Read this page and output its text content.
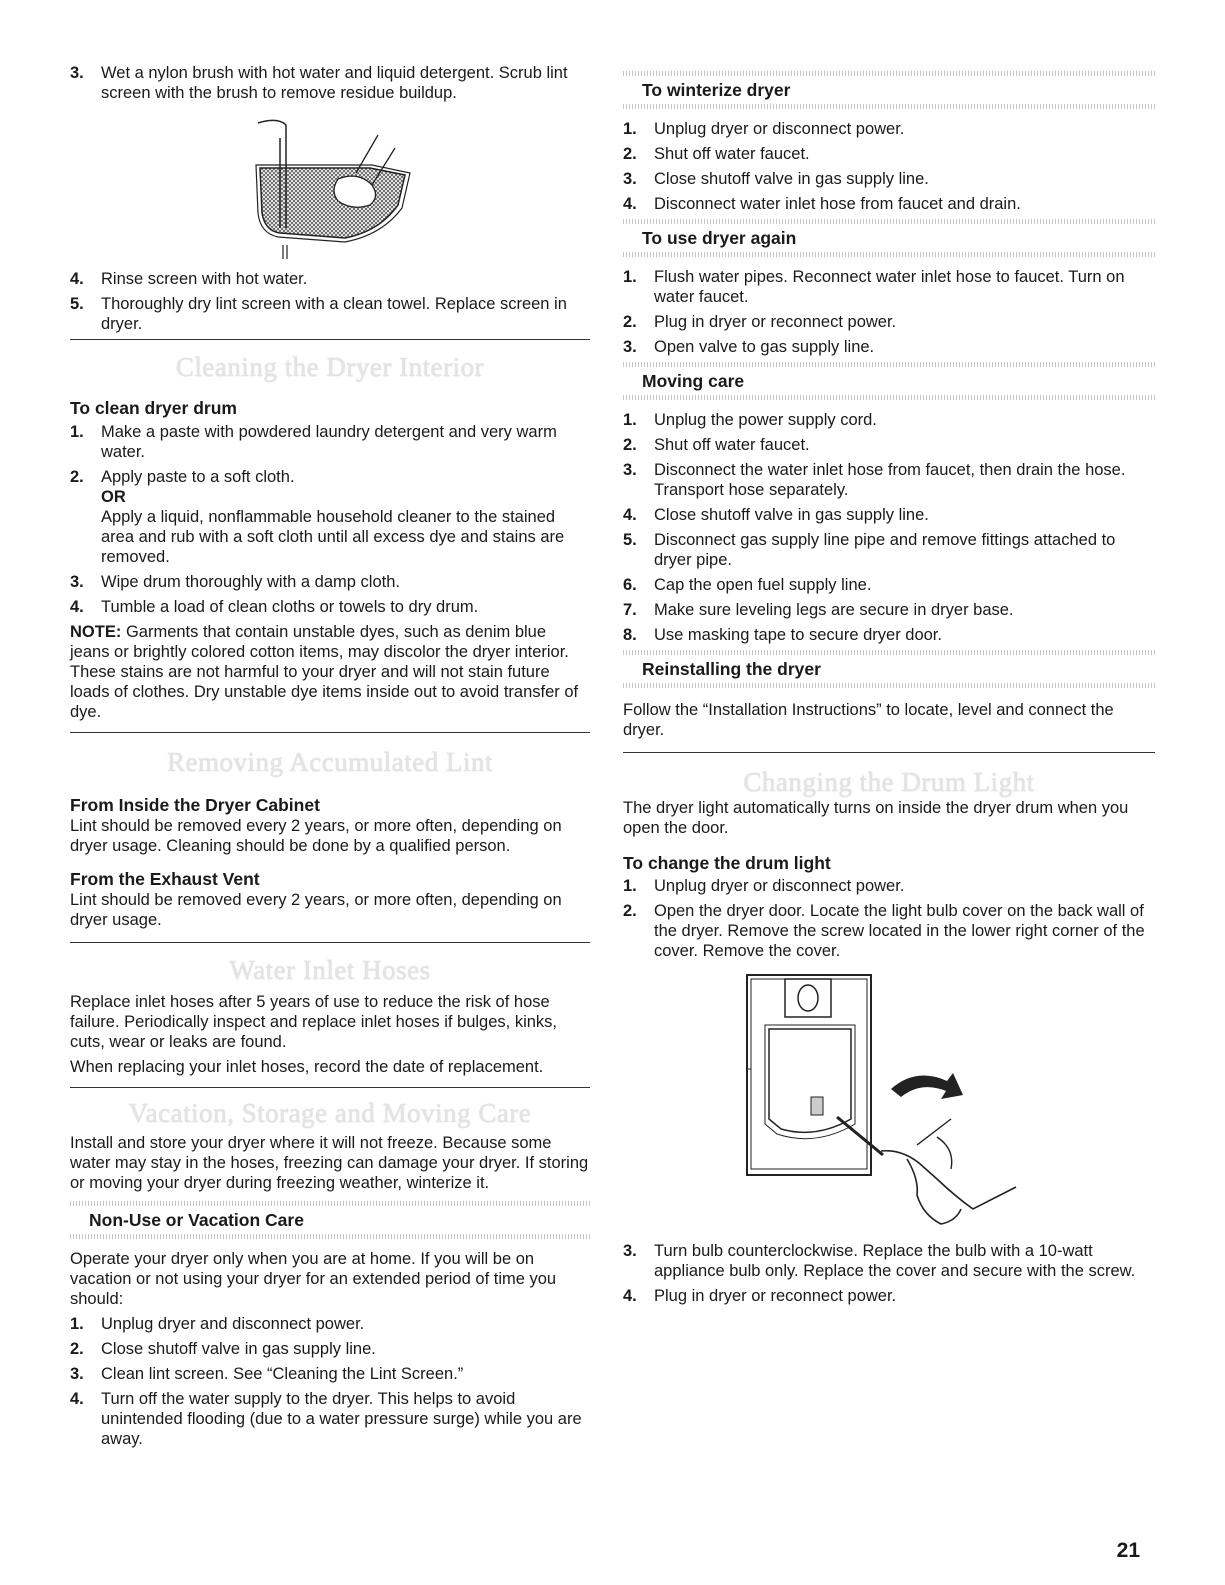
3. Wet a nylon brush with hot water and liquid detergent. Scrub lint screen with the brush to remove residue buildup.
4. Rinse screen with hot water.
5. Thoroughly dry lint screen with a clean towel. Replace screen in dryer.
Cleaning the Dryer Interior
To clean dryer drum
1. Make a paste with powdered laundry detergent and very warm water.
2. Apply paste to a soft cloth.
OR
Apply a liquid, nonflammable household cleaner to the stained area and rub with a soft cloth until all excess dye and stains are removed.
3. Wipe drum thoroughly with a damp cloth.
4. Tumble a load of clean cloths or towels to dry drum.

NOTE: Garments that contain unstable dyes, such as denim blue jeans or brightly colored cotton items, may discolor the dryer interior. These stains are not harmful to your dryer and will not stain future loads of clothes. Dry unstable dye items inside out to avoid transfer of dye.

Removing Accumulated Lint
From Inside the Dryer Cabinet

Lint should be removed every 2 years, or more often, depending on dryer usage. Cleaning should be done by a qualified person.

From the Exhaust Vent

Lint should be removed every 2 years, or more often, depending on dryer usage.

Water Inlet Hoses

Replace inlet hoses after 5 years of use to reduce the risk of hose failure. Periodically inspect and replace inlet hoses if bulges, kinks, cuts, wear or leaks are found.

When replacing your inlet hoses, record the date of replacement.

Vacation, Storage and Moving Care

Install and store your dryer where it will not freeze. Because some water may stay in the hoses, freezing can damage your dryer. If storing or moving your dryer during freezing weather, winterize it.

Non-Use or Vacation Care

Operate your dryer only when you are at home. If you will be on vacation or not using your dryer for an extended period of time you should:

1. Unplug dryer and disconnect power.
2. Close shutoff valve in gas supply line.
3. Clean lint screen. See “Cleaning the Lint Screen.”
4. Turn off the water supply to the dryer. This helps to avoid unintended flooding (due to a water pressure surge) while you are away.
To winterize dryer
1. Unplug dryer or disconnect power.
2. Shut off water faucet.
3. Close shutoff valve in gas supply line.
4. Disconnect water inlet hose from faucet and drain.
To use dryer again
1. Flush water pipes. Reconnect water inlet hose to faucet. Turn on water faucet.
2. Plug in dryer or reconnect power.
3. Open valve to gas supply line.
Moving care
1. Unplug the power supply cord.
2. Shut off water faucet.
3. Disconnect the water inlet hose from faucet, then drain the hose. Transport hose separately.
4. Close shutoff valve in gas supply line.
5. Disconnect gas supply line pipe and remove fittings attached to dryer pipe.
6. Cap the open fuel supply line.
7. Make sure leveling legs are secure in dryer base.
8. Use masking tape to secure dryer door.
Reinstalling the dryer

Follow the “Installation Instructions” to locate, level and connect the dryer.

Changing the Drum Light

The dryer light automatically turns on inside the dryer drum when you open the door.

To change the drum light
1. Unplug dryer or disconnect power.
2. Open the dryer door. Locate the light bulb cover on the back wall of the dryer. Remove the screw located in the lower right corner of the cover. Remove the cover.
3. Turn bulb counterclockwise. Replace the bulb with a 10-watt appliance bulb only. Replace the cover and secure with the screw.
4. Plug in dryer or reconnect power.
21
